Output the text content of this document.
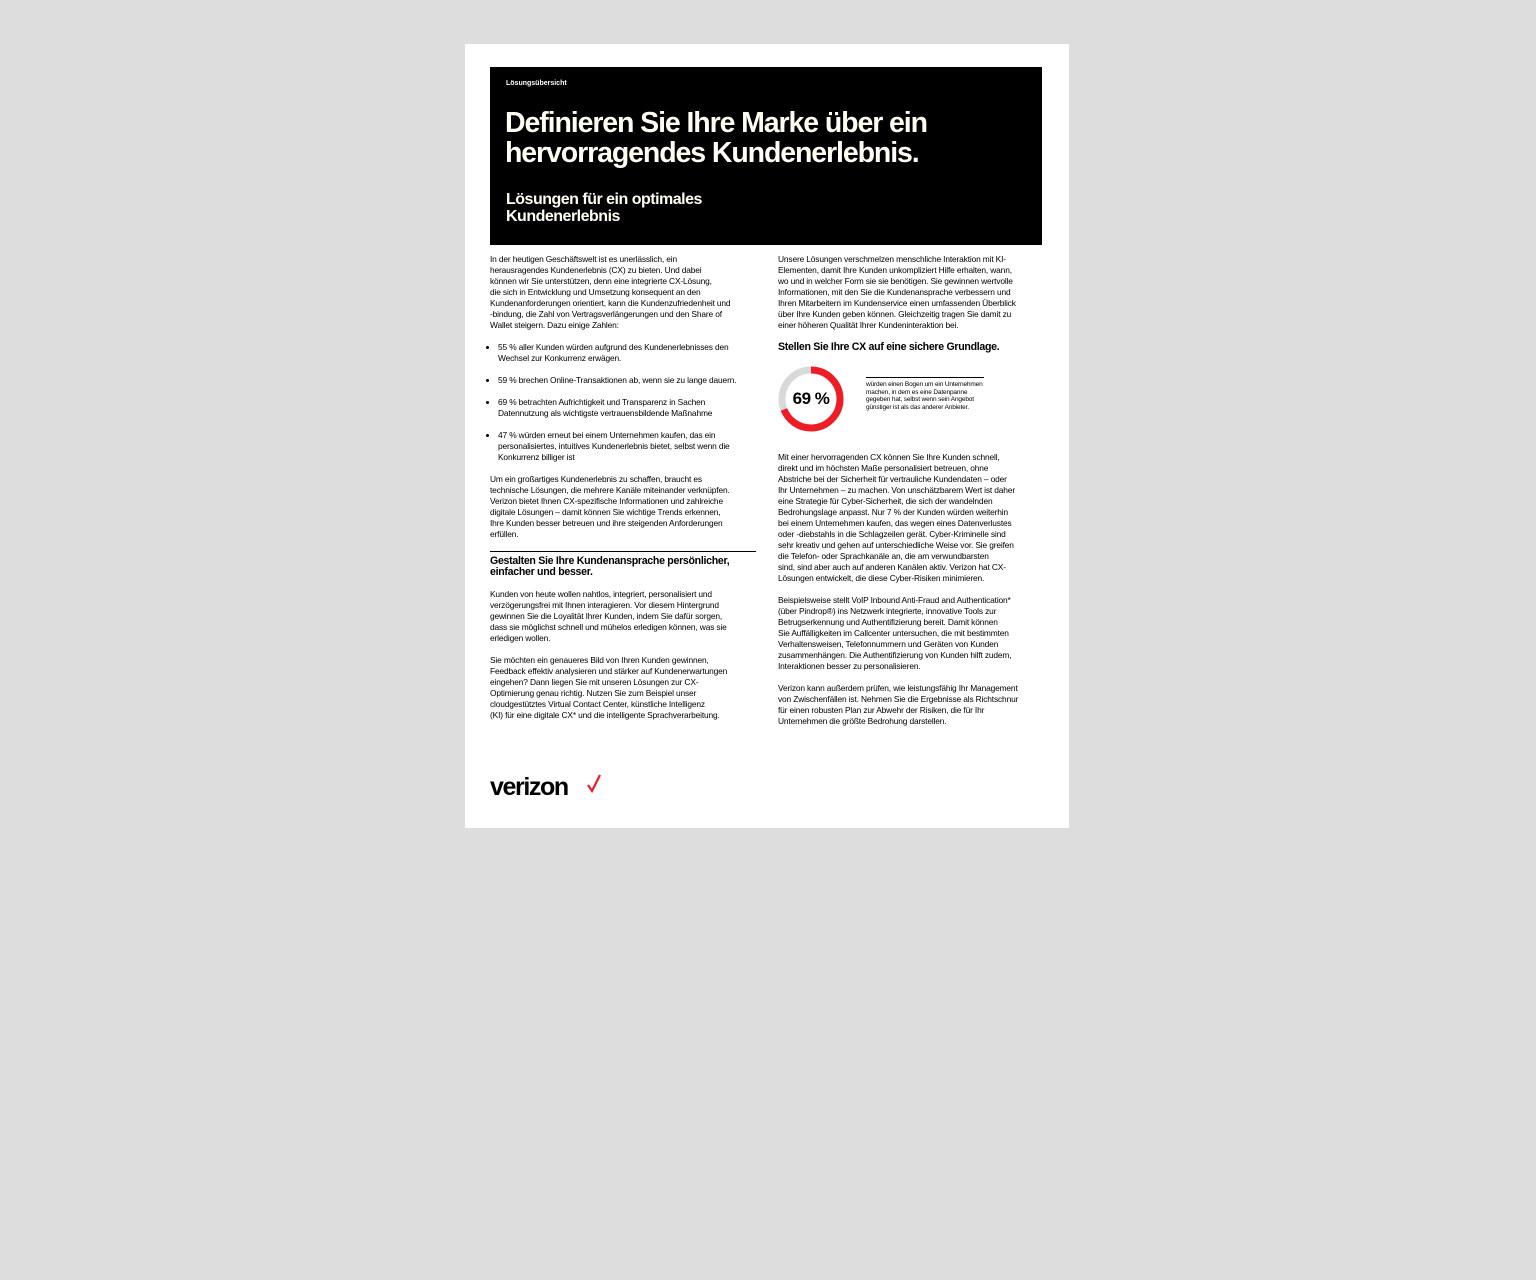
Lösungsübersicht
Definieren Sie Ihre Marke über ein
hervorragendes Kundenerlebnis.
Lösungen für ein optimales
Kundenerlebnis

In der heutigen Geschäftswelt ist es unerlässlich, ein
herausragendes Kundenerlebnis (CX) zu bieten. Und dabei
können wir Sie unterstützen, denn eine integrierte CX-Lösung,
die sich in Entwicklung und Umsetzung konsequent an den
Kundenanforderungen orientiert, kann die Kundenzufriedenheit und
-bindung, die Zahl von Vertragsverlängerungen und den Share of
Wallet steigern. Dazu einige Zahlen:

55 % aller Kunden würden aufgrund des Kundenerlebnisses den
Wechsel zur Konkurrenz erwägen.
59 % brechen Online-Transaktionen ab, wenn sie zu lange dauern.
69 % betrachten Aufrichtigkeit und Transparenz in Sachen
Datennutzung als wichtigste vertrauensbildende Maßnahme
47 % würden erneut bei einem Unternehmen kaufen, das ein
personalisiertes, intuitives Kundenerlebnis bietet, selbst wenn die
Konkurrenz billiger ist

Um ein großartiges Kundenerlebnis zu schaffen, braucht es
technische Lösungen, die mehrere Kanäle miteinander verknüpfen.
Verizon bietet Ihnen CX-spezifische Informationen und zahlreiche
digitale Lösungen – damit können Sie wichtige Trends erkennen,
Ihre Kunden besser betreuen und ihre steigenden Anforderungen
erfüllen.

Gestalten Sie Ihre Kundenansprache persönlicher,
einfacher und besser.

Kunden von heute wollen nahtlos, integriert, personalisiert und
verzögerungsfrei mit Ihnen interagieren. Vor diesem Hintergrund
gewinnen Sie die Loyalität Ihrer Kunden, indem Sie dafür sorgen,
dass sie möglichst schnell und mühelos erledigen können, was sie
erledigen wollen.

Sie möchten ein genaueres Bild von Ihren Kunden gewinnen,
Feedback effektiv analysieren und stärker auf Kundenerwartungen
eingehen? Dann liegen Sie mit unseren Lösungen zur CX-
Optimierung genau richtig. Nutzen Sie zum Beispiel unser
cloudgestütztes Virtual Contact Center, künstliche Intelligenz
(KI) für eine digitale CX* und die intelligente Sprachverarbeitung.

Unsere Lösungen verschmelzen menschliche Interaktion mit KI-
Elementen, damit Ihre Kunden unkompliziert Hilfe erhalten, wann,
wo und in welcher Form sie sie benötigen. Sie gewinnen wertvolle
Informationen, mit den Sie die Kundenansprache verbessern und
Ihren Mitarbeitern im Kundenservice einen umfassenden Überblick
über Ihre Kunden geben können. Gleichzeitig tragen Sie damit zu
einer höheren Qualität Ihrer Kundeninteraktion bei.

Stellen Sie Ihre CX auf eine sichere Grundlage.
69 %
würden einen Bogen um ein Unternehmen
machen, in dem es eine Datenpanne
gegeben hat, selbst wenn sein Angebot
günstiger ist als das anderer Anbieter.

Mit einer hervorragenden CX können Sie Ihre Kunden schnell,
direkt und im höchsten Maße personalisiert betreuen, ohne
Abstriche bei der Sicherheit für vertrauliche Kundendaten – oder
Ihr Unternehmen – zu machen. Von unschätzbarem Wert ist daher
eine Strategie für Cyber-Sicherheit, die sich der wandelnden
Bedrohungslage anpasst. Nur 7 % der Kunden würden weiterhin
bei einem Unternehmen kaufen, das wegen eines Datenverlustes
oder -diebstahls in die Schlagzeilen gerät. Cyber-Kriminelle sind
sehr kreativ und gehen auf unterschiedliche Weise vor. Sie greifen
die Telefon- oder Sprachkanäle an, die am verwundbarsten
sind, sind aber auch auf anderen Kanälen aktiv. Verizon hat CX-
Lösungen entwickelt, die diese Cyber-Risiken minimieren.

Beispielsweise stellt VoIP Inbound Anti-Fraud and Authentication*
(über Pindrop®) ins Netzwerk integrierte, innovative Tools zur
Betrugserkennung und Authentifizierung bereit. Damit können
Sie Auffälligkeiten im Callcenter untersuchen, die mit bestimmten
Verhaltensweisen, Telefonnummern und Geräten von Kunden
zusammenhängen. Die Authentifizierung von Kunden hilft zudem,
Interaktionen besser zu personalisieren.

Verizon kann außerdem prüfen, wie leistungsfähig Ihr Management
von Zwischenfällen ist. Nehmen Sie die Ergebnisse als Richtschnur
für einen robusten Plan zur Abwehr der Risiken, die für Ihr
Unternehmen die größte Bedrohung darstellen.

verizon
